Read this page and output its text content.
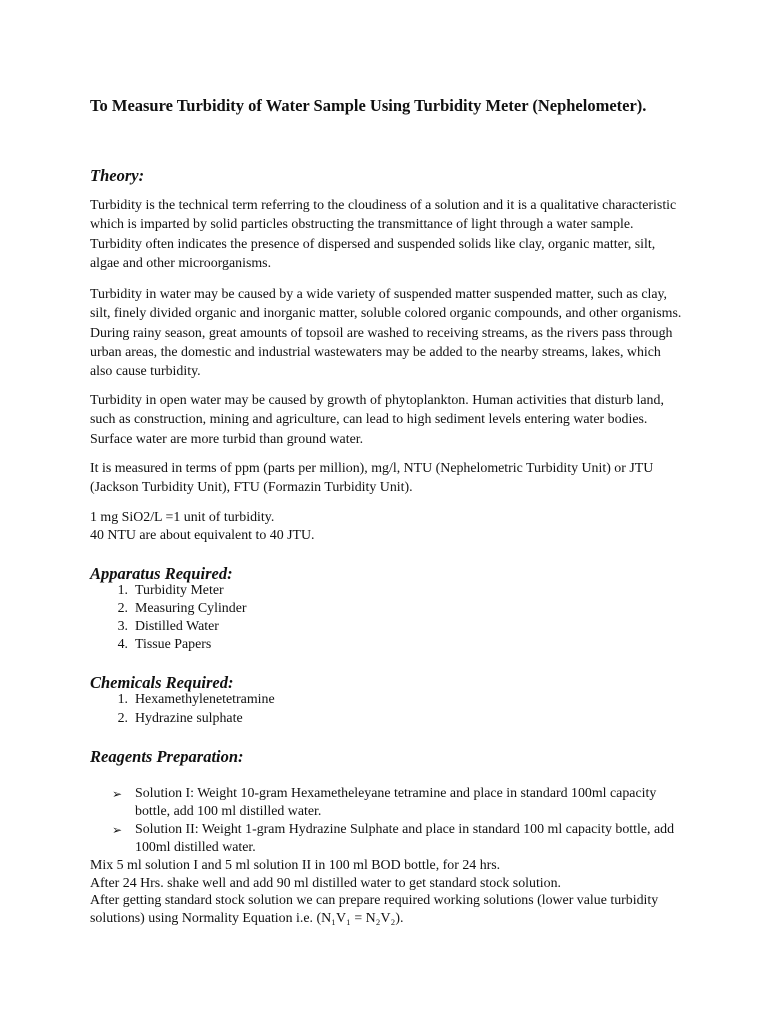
To Measure Turbidity of Water Sample Using Turbidity Meter (Nephelometer).
Theory:

Turbidity is the technical term referring to the cloudiness of a solution and it is a qualitative characteristic which is imparted by solid particles obstructing the transmittance of light through a water sample. Turbidity often indicates the presence of dispersed and suspended solids like clay, organic matter, silt, algae and other microorganisms.

Turbidity in water may be caused by a wide variety of suspended matter suspended matter, such as clay, silt, finely divided organic and inorganic matter, soluble colored organic compounds, and other organisms. During rainy season, great amounts of topsoil are washed to receiving streams, as the rivers pass through urban areas, the domestic and industrial wastewaters may be added to the nearby streams, lakes, which also cause turbidity.

Turbidity in open water may be caused by growth of phytoplankton. Human activities that disturb land, such as construction, mining and agriculture, can lead to high sediment levels entering water bodies. Surface water are more turbid than ground water.

It is measured in terms of ppm (parts per million), mg/l, NTU (Nephelometric Turbidity Unit) or JTU (Jackson Turbidity Unit), FTU (Formazin Turbidity Unit).

1 mg SiO2/L =1 unit of turbidity.
40 NTU are about equivalent to 40 JTU.
Apparatus Required:
1. Turbidity Meter
2. Measuring Cylinder
3. Distilled Water
4. Tissue Papers
Chemicals Required:
1. Hexamethylenetetramine
2. Hydrazine sulphate
Reagents Preparation:
➢ Solution I: Weight 10-gram Hexametheleyane tetramine and place in standard 100ml capacity bottle, add 100 ml distilled water.
➢ Solution II: Weight 1-gram Hydrazine Sulphate and place in standard 100 ml capacity bottle, add 100ml distilled water.
Mix 5 ml solution I and 5 ml solution II in 100 ml BOD bottle, for 24 hrs.
After 24 Hrs. shake well and add 90 ml distilled water to get standard stock solution.
After getting standard stock solution we can prepare required working solutions (lower value turbidity solutions) using Normality Equation i.e. (N₁V₁ = N₂V₂).
